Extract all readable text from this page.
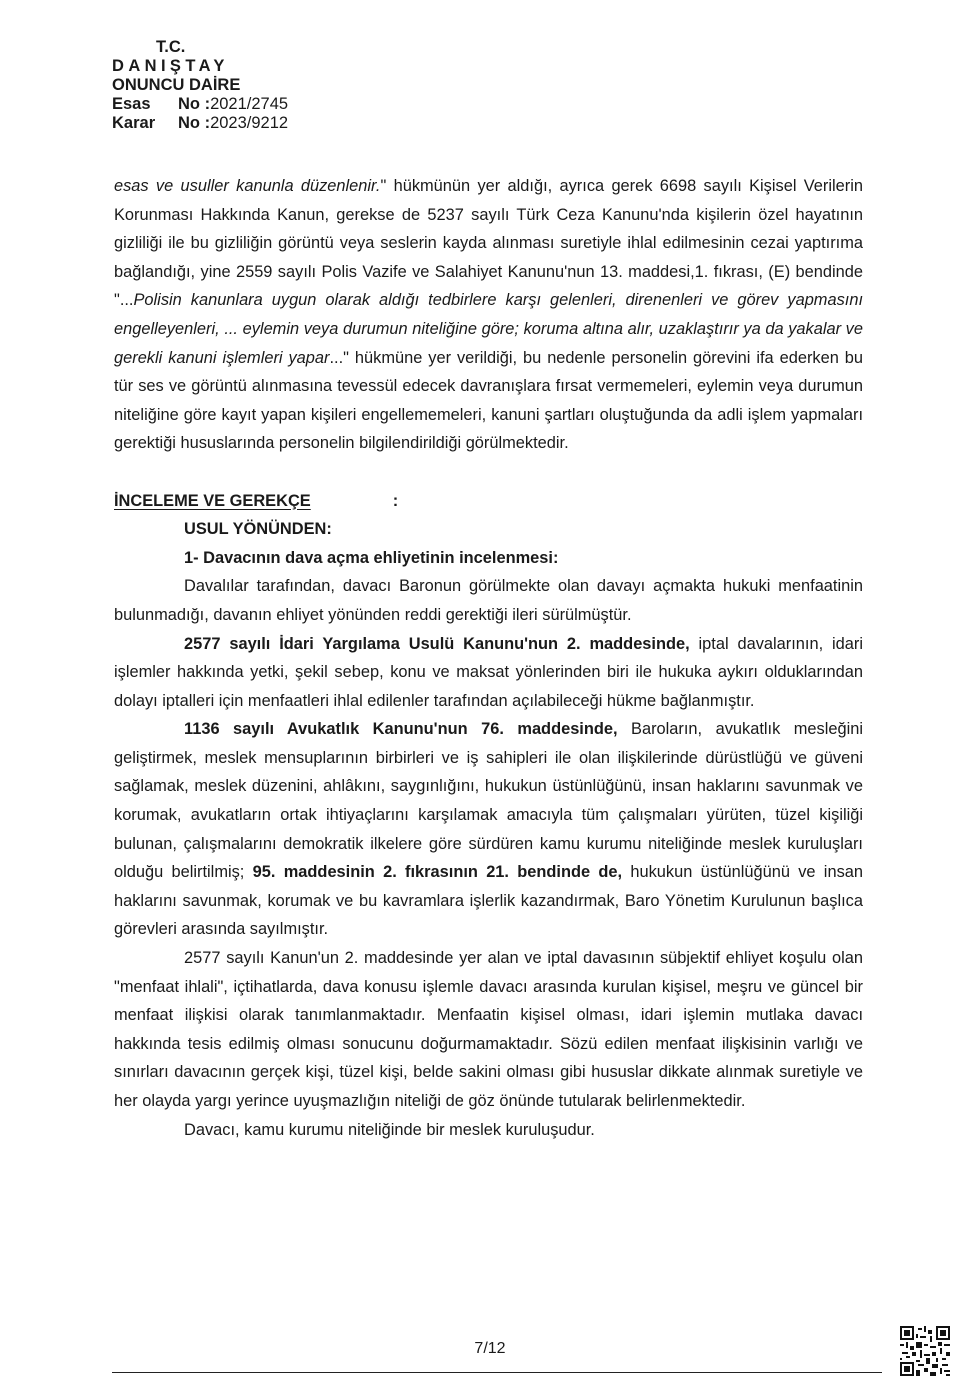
T.C.
DANIŞTAY
ONUNCU DAİRE
Esas	No : 2021/2745
Karar	No : 2023/9212

esas ve usuller kanunla düzenlenir." hükmünün yer aldığı, ayrıca gerek 6698 sayılı Kişisel Verilerin Korunması Hakkında Kanun, gerekse de 5237 sayılı Türk Ceza Kanunu'nda kişilerin özel hayatının gizliliği ile bu gizliliğin görüntü veya seslerin kayda alınması suretiyle ihlal edilmesinin cezai yaptırıma bağlandığı, yine 2559 sayılı Polis Vazife ve Salahiyet Kanunu'nun 13. maddesi,1. fıkrası, (E) bendinde "...Polisin kanunlara uygun olarak aldığı tedbirlere karşı gelenleri, direnenleri ve görev yapmasını engelleyenleri, ... eylemin veya durumun niteliğine göre; koruma altına alır, uzaklaştırır ya da yakalar ve gerekli kanuni işlemleri yapar..." hükmüne yer verildiği, bu nedenle personelin görevini ifa ederken bu tür ses ve görüntü alınmasına tevessül edecek davranışlara fırsat vermemeleri, eylemin veya durumun niteliğine göre kayıt yapan kişileri engellememeleri, kanuni şartları oluştuğunda da adli işlem yapmaları gerektiği hususlarında personelin bilgilendirildiği görülmektedir.

İNCELEME VE GEREKÇE	:

USUL YÖNÜNDEN:

1- Davacının dava açma ehliyetinin incelenmesi:

Davalılar tarafından, davacı Baronun görülmekte olan davayı açmakta hukuki menfaatinin bulunmadığı, davanın ehliyet yönünden reddi gerektiği ileri sürülmüştür.

2577 sayılı İdari Yargılama Usulü Kanunu'nun 2. maddesinde, iptal davalarının, idari işlemler hakkında yetki, şekil sebep, konu ve maksat yönlerinden biri ile hukuka aykırı olduklarından dolayı iptalleri için menfaatleri ihlal edilenler tarafından açılabileceği hükme bağlanmıştır.

1136 sayılı Avukatlık Kanunu'nun 76. maddesinde, Baroların, avukatlık mesleğini geliştirmek, meslek mensuplarının birbirleri ve iş sahipleri ile olan ilişkilerinde dürüstlüğü ve güveni sağlamak, meslek düzenini, ahlâkını, saygınlığını, hukukun üstünlüğünü, insan haklarını savunmak ve korumak, avukatların ortak ihtiyaçlarını karşılamak amacıyla tüm çalışmaları yürüten, tüzel kişiliği bulunan, çalışmalarını demokratik ilkelere göre sürdüren kamu kurumu niteliğinde meslek kuruluşları olduğu belirtilmiş; 95. maddesinin 2. fıkrasının 21. bendinde de, hukukun üstünlüğünü ve insan haklarını savunmak, korumak ve bu kavramlara işlerlik kazandırmak, Baro Yönetim Kurulunun başlıca görevleri arasında sayılmıştır.

2577 sayılı Kanun'un 2. maddesinde yer alan ve iptal davasının sübjektif ehliyet koşulu olan "menfaat ihlali", içtihatlarda, dava konusu işlemle davacı arasında kurulan kişisel, meşru ve güncel bir menfaat ilişkisi olarak tanımlanmaktadır. Menfaatin kişisel olması, idari işlemin mutlaka davacı hakkında tesis edilmiş olması sonucunu doğurmamaktadır. Sözü edilen menfaat ilişkisinin varlığı ve sınırları davacının gerçek kişi, tüzel kişi, belde sakini olması gibi hususlar dikkate alınmak suretiyle ve her olayda yargı yerince uyuşmazlığın niteliği de göz önünde tutularak belirlenmektedir.

Davacı, kamu kurumu niteliğinde bir meslek kuruluşudur.

7/12
